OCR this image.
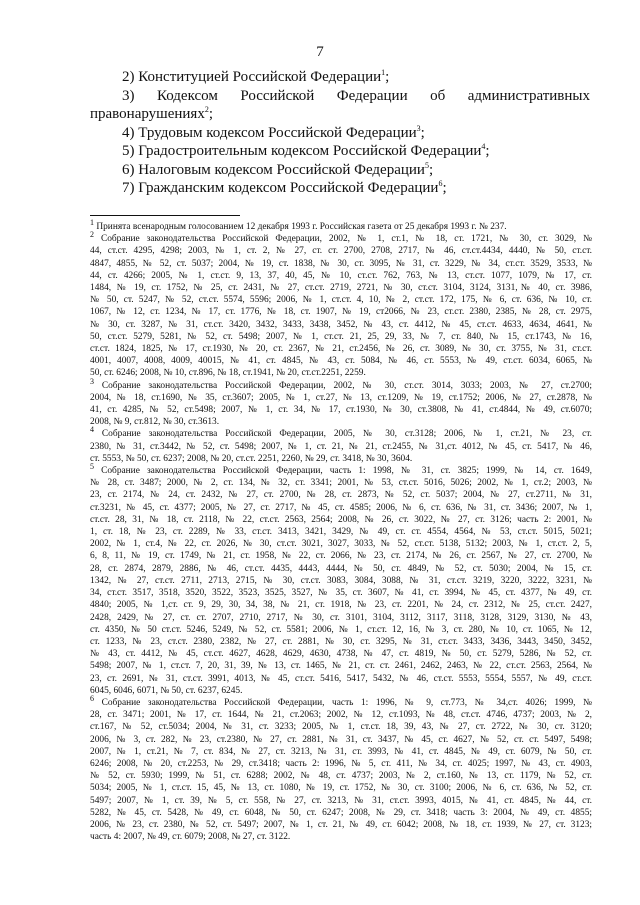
7
2) Конституцией Российской Федерации$^1$;
3) Кодексом Российской Федерации об административных
правонарушениях$^2$;
4) Трудовым кодексом Российской Федерации$^3$;
5) Градостроительным кодексом Российской Федерации$^4$;
6) Налоговым кодексом Российской Федерации$^5$;
7) Гражданским кодексом Российской Федерации$^6$;
$^1$ Принята всенародным голосованием 12 декабря 1993 г. Российская газета от 25 декабря 1993 г. № 237.
$^2$ Собрание законодательства Российской Федерации, 2002, № 1, ст.1, № 18, ст. 1721, № 30, ст. 3029, №
44, ст.ст. 4295, 4298; 2003, № 1, ст. 2, № 27, ст. ст. 2700, 2708, 2717, № 46, ст.ст.4434, 4440, № 50, ст.ст.
4847, 4855, № 52, ст. 5037; 2004, № 19, ст. 1838, № 30, ст. 3095, № 31, ст. 3229, № 34, ст.ст. 3529, 3533, №
44, ст. 4266; 2005, № 1, ст.ст. 9, 13, 37, 40, 45, № 10, ст.ст. 762, 763, № 13, ст.ст. 1077, 1079, № 17, ст.
1484, № 19, ст. 1752, № 25, ст. 2431, № 27, ст.ст. 2719, 2721, № 30, ст.ст. 3104, 3124, 3131,№ 40, ст. 3986,
№ 50, ст. 5247, № 52, ст.ст. 5574, 5596; 2006, № 1, ст.ст. 4, 10, № 2, ст.ст. 172, 175, № 6, ст. 636, № 10, ст.
1067, № 12, ст. 1234, № 17, ст. 1776, № 18, ст. 1907, № 19, ст2066, № 23, ст.ст. 2380, 2385, № 28, ст. 2975,
№ 30, ст. 3287, № 31, ст.ст. 3420, 3432, 3433, 3438, 3452, № 43, ст. 4412, № 45, ст.ст. 4633, 4634, 4641, №
50, ст.ст. 5279, 5281, № 52, ст. 5498; 2007, № 1, ст.ст. 21, 25, 29, 33, № 7, ст. 840, № 15, ст.1743, № 16,
ст.ст. 1824, 1825, № 17, ст.1930, № 20, ст. 2367, № 21, ст.2456, № 26, ст. 3089, № 30, ст. 3755, № 31, ст.ст.
4001, 4007, 4008, 4009, 40015, № 41, ст. 4845, № 43, ст. 5084, № 46, ст. 5553, № 49, ст.ст. 6034, 6065, №
50, ст. 6246; 2008, № 10, ст.896, № 18, ст.1941, № 20, ст.ст.2251, 2259.
$^3$ Собрание законодательства Российской Федерации, 2002, № 30, ст.ст. 3014, 3033; 2003, № 27, ст.2700;
2004, № 18, ст.1690, № 35, ст.3607; 2005, № 1, ст.27, № 13, ст.1209, № 19, ст.1752; 2006, № 27, ст.2878, №
41, ст. 4285, № 52, ст.5498; 2007, № 1, ст. 34, № 17, ст.1930, № 30, ст.3808, № 41, ст.4844, № 49, ст.6070;
2008, № 9, ст.812, № 30, ст.3613.
$^4$ Собрание законодательства Российской Федерации, 2005, № 30, ст.3128; 2006, № 1, ст.21, № 23, ст.
2380, № 31, ст.3442, № 52, ст. 5498; 2007, № 1, ст. 21, № 21, ст.2455, № 31,ст. 4012, № 45, ст. 5417, № 46,
ст. 5553, № 50, ст. 6237; 2008, № 20, ст.ст. 2251, 2260, № 29, ст. 3418, № 30, 3604.
$^5$ Собрание законодательства Российской Федерации, часть 1: 1998, № 31, ст. 3825; 1999, № 14, ст. 1649,
№ 28, ст. 3487; 2000, № 2, ст. 134, № 32, ст. 3341; 2001, № 53, ст.ст. 5016, 5026; 2002, № 1, ст.2; 2003, №
23, ст. 2174, № 24, ст. 2432, № 27, ст. 2700, № 28, ст. 2873, № 52, ст. 5037; 2004, № 27, ст.2711, № 31,
ст.3231, № 45, ст. 4377; 2005, № 27, ст. 2717, № 45, ст. 4585; 2006, № 6, ст. 636, № 31, ст. 3436; 2007, № 1,
ст.ст. 28, 31, № 18, ст. 2118, № 22, ст.ст. 2563, 2564; 2008, № 26, ст. 3022, № 27, ст. 3126; часть 2: 2001, №
1, ст. 18, № 23, ст. 2289, № 33, ст.ст. 3413, 3421, 3429, № 49, ст. ст. 4554, 4564, № 53, ст.ст. 5015, 5021;
2002, № 1, ст.4, № 22, ст. 2026, № 30, ст.ст. 3021, 3027, 3033, № 52, ст.ст. 5138, 5132; 2003, № 1, ст.ст. 2, 5,
6, 8, 11, № 19, ст. 1749, № 21, ст. 1958, № 22, ст. 2066, № 23, ст. 2174, № 26, ст. 2567, № 27, ст. 2700, №
28, ст. 2874, 2879, 2886, № 46, ст.ст. 4435, 4443, 4444, № 50, ст. 4849, № 52, ст. 5030; 2004, № 15, ст.
1342, № 27, ст.ст. 2711, 2713, 2715, № 30, ст.ст. 3083, 3084, 3088, № 31, ст.ст. 3219, 3220, 3222, 3231, №
34, ст.ст. 3517, 3518, 3520, 3522, 3523, 3525, 3527, № 35, ст. 3607, № 41, ст. 3994, № 45, ст. 4377, № 49, ст.
4840; 2005, № 1,ст. ст. 9, 29, 30, 34, 38, № 21, ст. 1918, № 23, ст. 2201, № 24, ст. 2312, № 25, ст.ст. 2427,
2428, 2429, № 27, ст. ст. 2707, 2710, 2717, № 30, ст. 3101, 3104, 3112, 3117, 3118, 3128, 3129, 3130, № 43,
ст. 4350, № 50 ст.ст. 5246, 5249, № 52, ст. 5581; 2006, № 1, ст.ст. 12, 16, № 3, ст. 280, № 10, ст. 1065, № 12,
ст. 1233, № 23, ст.ст. 2380, 2382, № 27, ст. 2881, № 30, ст. 3295, № 31, ст.ст. 3433, 3436, 3443, 3450, 3452,
№ 43, ст. 4412, № 45, ст.ст. 4627, 4628, 4629, 4630, 4738, № 47, ст. 4819, № 50, ст. 5279, 5286, № 52, ст.
5498; 2007, № 1, ст.ст. 7, 20, 31, 39, № 13, ст. 1465, № 21, ст. ст. 2461, 2462, 2463, № 22, ст.ст. 2563, 2564, №
23, ст. 2691, № 31, ст.ст. 3991, 4013, № 45, ст.ст. 5416, 5417, 5432, № 46, ст.ст. 5553, 5554, 5557, № 49, ст.ст.
6045, 6046, 6071, № 50, ст. 6237, 6245.
$^6$ Собрание законодательства Российской Федерации, часть 1: 1996, № 9, ст.773, № 34,ст. 4026; 1999, №
28, ст. 3471; 2001, № 17, ст. 1644, № 21, ст.2063; 2002, № 12, ст.1093, № 48, ст.ст. 4746, 4737; 2003, № 2,
ст.167, № 52, ст.5034; 2004, № 31, ст. 3233; 2005, № 1, ст.ст. 18, 39, 43, № 27, ст. 2722, № 30, ст. 3120;
2006, № 3, ст. 282, № 23, ст.2380, № 27, ст. 2881, № 31, ст. 3437, № 45, ст. 4627, № 52, ст. ст. 5497, 5498;
2007, № 1, ст.21, № 7, ст. 834, № 27, ст. 3213, № 31, ст. 3993, № 41, ст. 4845, № 49, ст. 6079, № 50, ст.
6246; 2008, № 20, ст.2253, № 29, ст.3418; часть 2: 1996, № 5, ст. 411, № 34, ст. 4025; 1997, № 43, ст. 4903,
№ 52, ст. 5930; 1999, № 51, ст. 6288; 2002, № 48, ст. 4737; 2003, № 2, ст.160, № 13, ст. 1179, № 52, ст.
5034; 2005, № 1, ст.ст. 15, 45, № 13, ст. 1080, № 19, ст. 1752, № 30, ст. 3100; 2006, № 6, ст. 636, № 52, ст.
5497; 2007, № 1, ст. 39, № 5, ст. 558, № 27, ст. 3213, № 31, ст.ст. 3993, 4015, № 41, ст. 4845, № 44, ст.
5282, № 45, ст. 5428, № 49, ст. 6048, № 50, ст. 6247; 2008, № 29, ст. 3418; часть 3: 2004, № 49, ст. 4855;
2006, № 23, ст. 2380, № 52, ст. 5497; 2007, № 1, ст. 21, № 49, ст. 6042; 2008, № 18, ст. 1939, № 27, ст. 3123;
часть 4: 2007, № 49, ст. 6079; 2008, № 27, ст. 3122.
